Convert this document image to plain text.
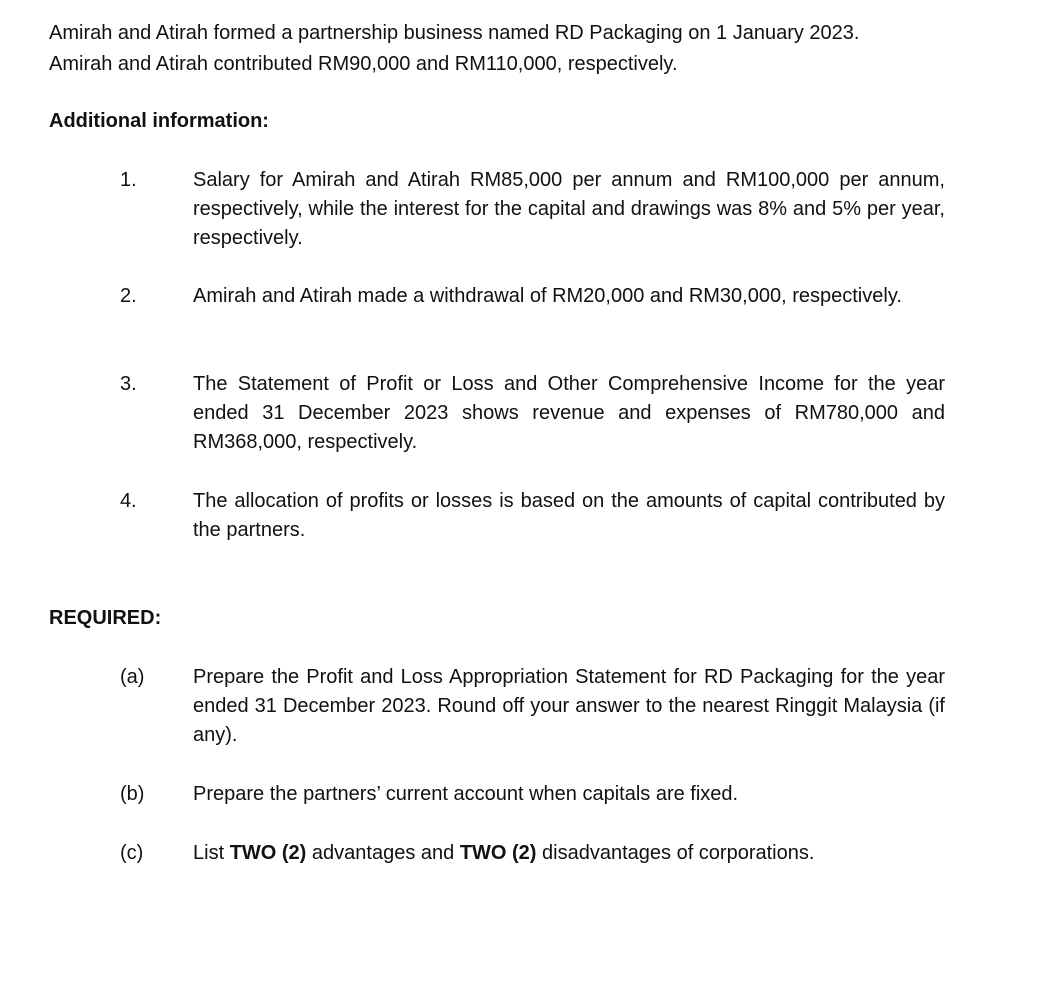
Amirah and Atirah formed a partnership business named RD Packaging on 1 January 2023.
Amirah and Atirah contributed RM90,000 and RM110,000, respectively.
Additional information:
1.	Salary for Amirah and Atirah RM85,000 per annum and RM100,000 per annum, respectively, while the interest for the capital and drawings was 8% and 5% per year, respectively.
2.	Amirah and Atirah made a withdrawal of RM20,000 and RM30,000, respectively.
3.	The Statement of Profit or Loss and Other Comprehensive Income for the year ended 31 December 2023 shows revenue and expenses of RM780,000 and RM368,000, respectively.
4.	The allocation of profits or losses is based on the amounts of capital contributed by the partners.
REQUIRED:
(a) Prepare the Profit and Loss Appropriation Statement for RD Packaging for the year ended 31 December 2023. Round off your answer to the nearest Ringgit Malaysia (if any).
(b) Prepare the partners’ current account when capitals are fixed.
(c) List TWO (2) advantages and TWO (2) disadvantages of corporations.
